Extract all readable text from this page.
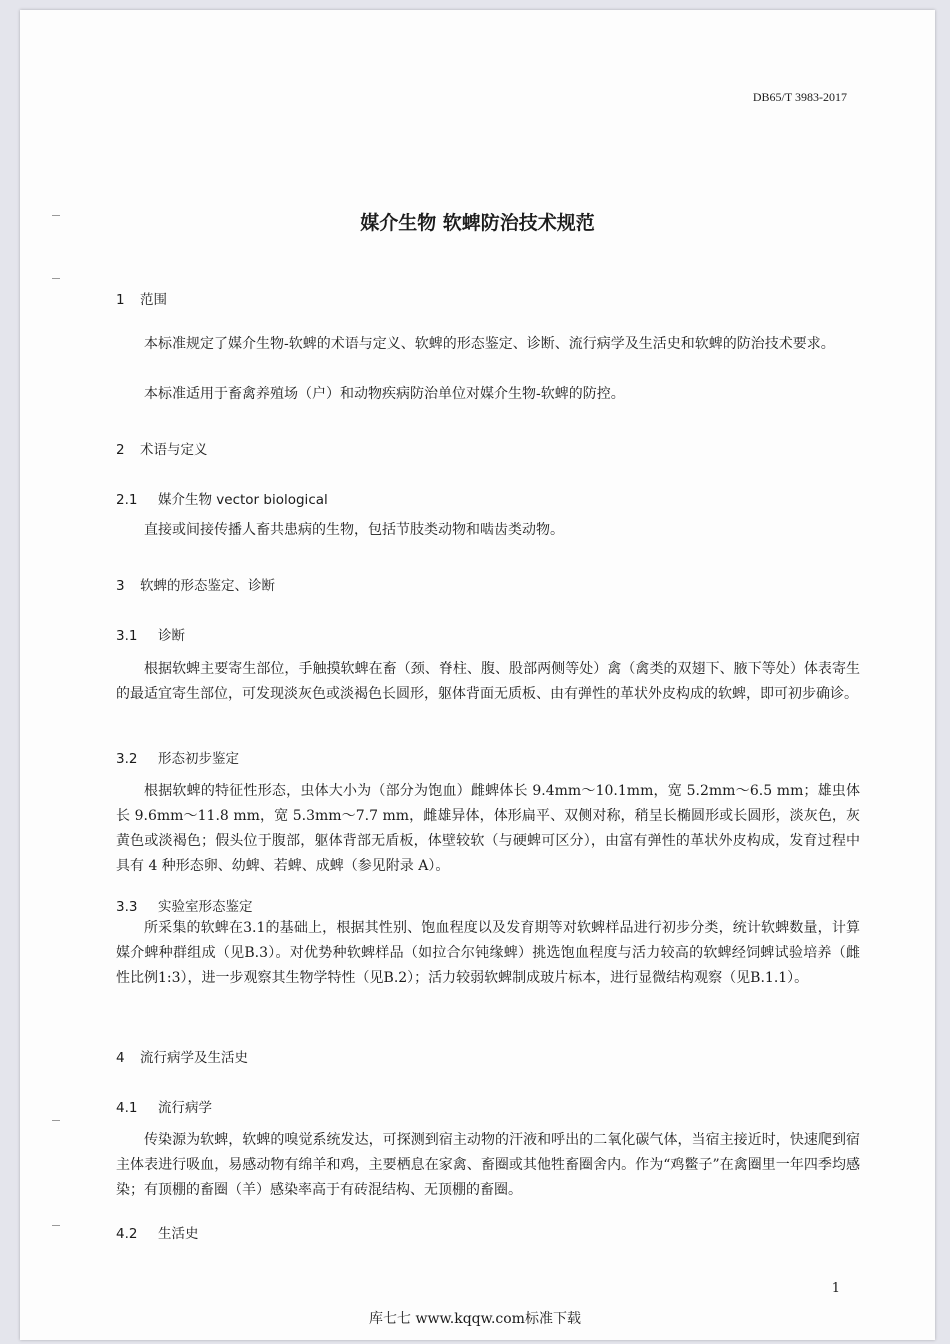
DB65/T 3983-2017
媒介生物 软蜱防治技术规范
1 范围

本标准规定了媒介生物-软蜱的术语与定义、软蜱的形态鉴定、诊断、流行病学及生活史和软蜱的防治技术要求。

本标准适用于畜禽养殖场（户）和动物疾病防治单位对媒介生物-软蜱的防控。

2 术语与定义
2.1 媒介生物 vector biological

直接或间接传播人畜共患病的生物，包括节肢类动物和啮齿类动物。

3 软蜱的形态鉴定、诊断
3.1 诊断

根据软蜱主要寄生部位，手触摸软蜱在畜（颈、脊柱、腹、股部两侧等处）禽（禽类的双翅下、腋下等处）体表寄生的最适宜寄生部位，可发现淡灰色或淡褐色长圆形，躯体背面无质板、由有弹性的革状外皮构成的软蜱，即可初步确诊。

3.2 形态初步鉴定

根据软蜱的特征性形态，虫体大小为（部分为饱血）雌蜱体长 9.4mm～10.1mm，宽 5.2mm～6.5 mm；雄虫体长 9.6mm～11.8 mm，宽 5.3mm～7.7 mm，雌雄异体，体形扁平、双侧对称，稍呈长椭圆形或长圆形，淡灰色，灰黄色或淡褐色；假头位于腹部，躯体背部无盾板，体壁较软（与硬蜱可区分），由富有弹性的革状外皮构成，发育过程中具有 4 种形态卵、幼蜱、若蜱、成蜱（参见附录 A）。

3.3 实验室形态鉴定

所采集的软蜱在3.1的基础上，根据其性别、饱血程度以及发育期等对软蜱样品进行初步分类，统计软蜱数量，计算媒介蜱种群组成（见B.3）。对优势种软蜱样品（如拉合尔钝缘蜱）挑选饱血程度与活力较高的软蜱经饲蜱试验培养（雌性比例1:3），进一步观察其生物学特性（见B.2）；活力较弱软蜱制成玻片标本，进行显微结构观察（见B.1.1）。

4 流行病学及生活史
4.1 流行病学

传染源为软蜱，软蜱的嗅觉系统发达，可探测到宿主动物的汗液和呼出的二氧化碳气体，当宿主接近时，快速爬到宿主体表进行吸血，易感动物有绵羊和鸡，主要栖息在家禽、畜圈或其他牲畜圈舍内。作为“鸡鳖子”在禽圈里一年四季均感染；有顶棚的畜圈（羊）感染率高于有砖混结构、无顶棚的畜圈。

4.2 生活史
1
库七七 www.kqqw.com标准下载
